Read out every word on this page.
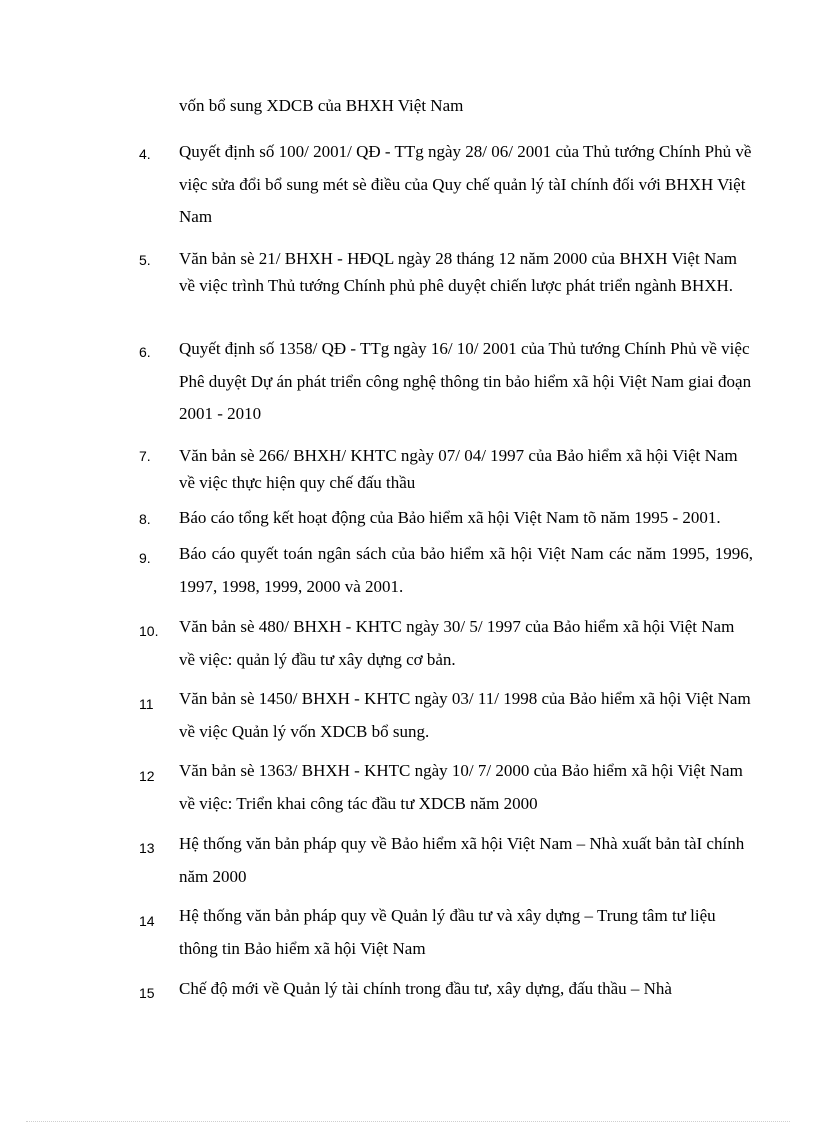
vốn bổ sung XDCB của BHXH Việt Nam
4. Quyết định số 100/ 2001/ QĐ - TTg ngày 28/ 06/ 2001 của Thủ tướng Chính Phủ về việc sửa đổi bổ sung mét sè điều của Quy chế quản lý tàI chính đối với BHXH Việt Nam
5. Văn bản sè 21/ BHXH - HĐQL ngày 28 tháng 12 năm 2000 của BHXH Việt Nam về việc trình Thủ tướng Chính phủ phê duyệt chiến lược phát triển ngành BHXH.
6. Quyết định số 1358/ QĐ - TTg ngày 16/ 10/ 2001 của Thủ tướng Chính Phủ về việc Phê duyệt Dự án phát triển công nghệ thông tin bảo hiểm xã hội Việt Nam giai đoạn 2001 - 2010
7. Văn bản sè 266/ BHXH/ KHTC ngày 07/ 04/ 1997 của Bảo hiểm xã hội Việt Nam về việc thực hiện quy chế đấu thầu
8. Báo cáo tổng kết hoạt động của Bảo hiểm xã hội Việt Nam tõ năm 1995 - 2001.
9. Báo cáo quyết toán ngân sách của bảo hiểm xã hội Việt Nam các năm 1995, 1996, 1997, 1998, 1999, 2000 và 2001.
10. Văn bản sè 480/ BHXH - KHTC ngày 30/ 5/ 1997 của Bảo hiểm xã hội Việt Nam về việc: quản lý đầu tư xây dựng cơ bản.
11 Văn bản sè 1450/ BHXH - KHTC ngày 03/ 11/ 1998 của Bảo hiểm xã hội Việt Nam về việc Quản lý vốn XDCB bổ sung.
12 Văn bản sè 1363/ BHXH - KHTC ngày 10/ 7/ 2000 của Bảo hiểm xã hội Việt Nam về việc: Triển khai công tác đầu tư XDCB năm 2000
13 Hệ thống văn bản pháp quy về Bảo hiểm xã hội Việt Nam – Nhà xuất bản tàI chính năm 2000
14 Hệ thống văn bản pháp quy về Quản lý đầu tư và xây dựng – Trung tâm tư liệu thông tin Bảo hiểm xã hội Việt Nam
15 Chế độ mới về Quản lý tài chính trong đầu tư, xây dựng, đấu thầu – Nhà
